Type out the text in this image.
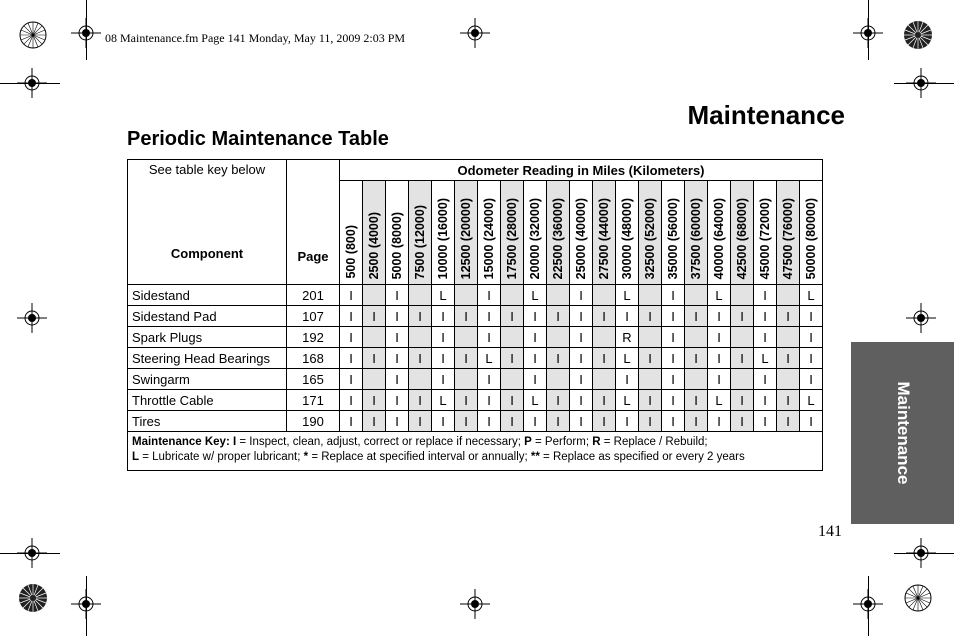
08 Maintenance.fm Page 141 Monday, May 11, 2009 2:03 PM
Maintenance
Periodic Maintenance Table
Maintenance
See table key below
Component	Page	Odometer Reading in Miles (Kilometers)																				

		500 (800)	2500 (4000)	5000 (8000)	7500 (12000)	10000 (16000)	12500 (20000)	15000 (24000)	17500 (28000)	20000 (32000)	22500 (36000)	25000 (40000)	27500 (44000)	30000 (48000)	32500 (52000)	35000 (56000)	37500 (60000)	40000 (64000)	42500 (68000)	45000 (72000)	47500 (76000)	50000 (80000)

Sidestand	201	I		I		L		I		L		I		L		I		L		I		L
Sidestand Pad	107	I	I	I	I	I	I	I	I	I	I	I	I	I	I	I	I	I	I	I	I	I
Spark Plugs	192	I		I		I		I		I		I		R		I		I		I		I
Steering Head Bearings	168	I	I	I	I	I	I	L	I	I	I	I	I	L	I	I	I	I	I	L	I	I
Swingarm	165	I		I		I		I		I		I		I		I		I		I		I
Throttle Cable	171	I	I	I	I	L	I	I	I	L	I	I	I	L	I	I	I	L	I	I	I	L
Tires	190	I	I	I	I	I	I	I	I	I	I	I	I	I	I	I	I	I	I	I	I	I
Maintenance Key: I = Inspect, clean, adjust, correct or replace if necessary; P = Perform; R = Replace / Rebuild;
L = Lubricate w/ proper lubricant; * = Replace at specified interval or annually; ** = Replace as specified or every 2 years																						
141
